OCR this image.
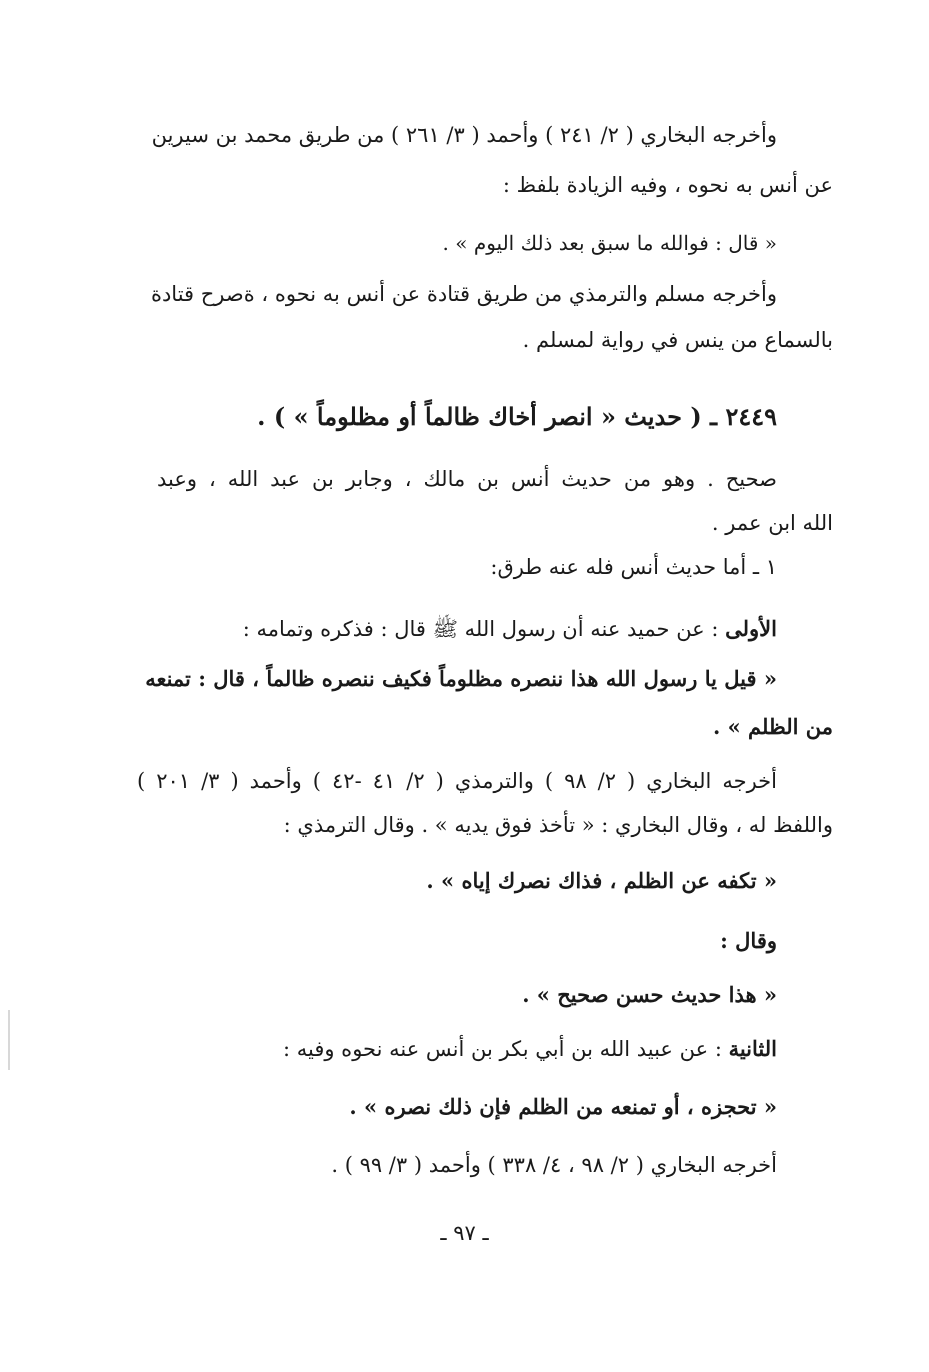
وأخرجه البخاري ( ٢/ ٢٤١ ) وأحمد ( ٣/ ٢٦١ ) من طريق محمد بن سيرين
عن أنس به نحوه ، وفيه الزيادة بلفظ :
« قال : فوالله ما سبق بعد ذلك اليوم » .
وأخرجه مسلم والترمذي من طريق قتادة عن أنس به نحوه ، ةصرح قتادة
بالسماع من ينس في رواية لمسلم .
٢٤٤٩ ـ ( حديث « انصر أخاك ظالماً أو مظلوماً » ) .
صحيح . وهو من حديث أنس بن مالك ، وجابر بن عبد الله ، وعبد
الله ابن عمر .
١ ـ أما حديث أنس فله عنه طرق:
الأولى : عن حميد عنه أن رسول الله ﷺ قال : فذكره وتمامه :
« قيل يا رسول الله هذا ننصره مظلوماً فكيف ننصره ظالماً ، قال : تمنعه
من الظلم » .
أخرجه البخاري ( ٢/ ٩٨ ) والترمذي ( ٢/ ٤١ -٤٢ ) وأحمد ( ٣/ ٢٠١ )
واللفظ له ، وقال البخاري : « تأخذ فوق يديه » . وقال الترمذي :
« تكفه عن الظلم ، فذاك نصرك إياه » .
وقال :
« هذا حديث حسن صحيح » .
الثانية : عن عبيد الله بن أبي بكر بن أنس عنه نحوه وفيه :
« تحجزه ، أو تمنعه من الظلم فإن ذلك نصره » .
أخرجه البخاري ( ٢/ ٩٨ ، ٤/ ٣٣٨ ) وأحمد ( ٣/ ٩٩ ) .
ـ ٩٧ ـ
